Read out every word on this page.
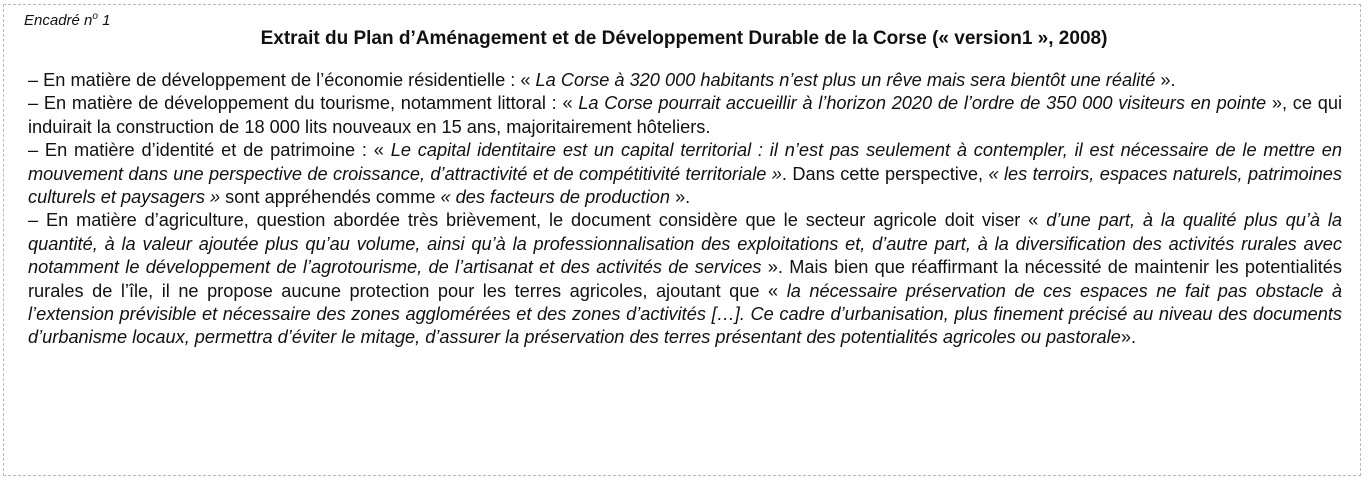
Encadré $n^o$ 1
Extrait du Plan d’Aménagement et de Développement Durable de la Corse (« version1 », 2008)

– En matière de développement de l’économie résidentielle : « La Corse à 320 000 habitants n’est plus un rêve mais sera bientôt une réalité ».

– En matière de développement du tourisme, notamment littoral : « La Corse pourrait accueillir à l’horizon 2020 de l’ordre de 350 000 visiteurs en pointe », ce qui induirait la construction de 18 000 lits nouveaux en 15 ans, majoritairement hôteliers.

– En matière d’identité et de patrimoine : « Le capital identitaire est un capital territorial : il n’est pas seulement à contempler, il est nécessaire de le mettre en mouvement dans une perspective de croissance, d’attractivité et de compétitivité territoriale ». Dans cette perspective, « les terroirs, espaces naturels, patrimoines culturels et paysagers » sont appréhendés comme « des facteurs de production ».

– En matière d’agriculture, question abordée très brièvement, le document considère que le secteur agricole doit viser « d’une part, à la qualité plus qu’à la quantité, à la valeur ajoutée plus qu’au volume, ainsi qu’à la professionnalisation des exploitations et, d’autre part, à la diversification des activités rurales avec notamment le développement de l’agrotourisme, de l’artisanat et des activités de services ». Mais bien que réaffirmant la nécessité de maintenir les potentialités rurales de l’île, il ne propose aucune protection pour les terres agricoles, ajoutant que « la nécessaire préservation de ces espaces ne fait pas obstacle à l’extension prévisible et nécessaire des zones agglomérées et des zones d’activités […]. Ce cadre d’urbanisation, plus finement précisé au niveau des documents d’urbanisme locaux, permettra d’éviter le mitage, d’assurer la préservation des terres présentant des potentialités agricoles ou pastorale».
